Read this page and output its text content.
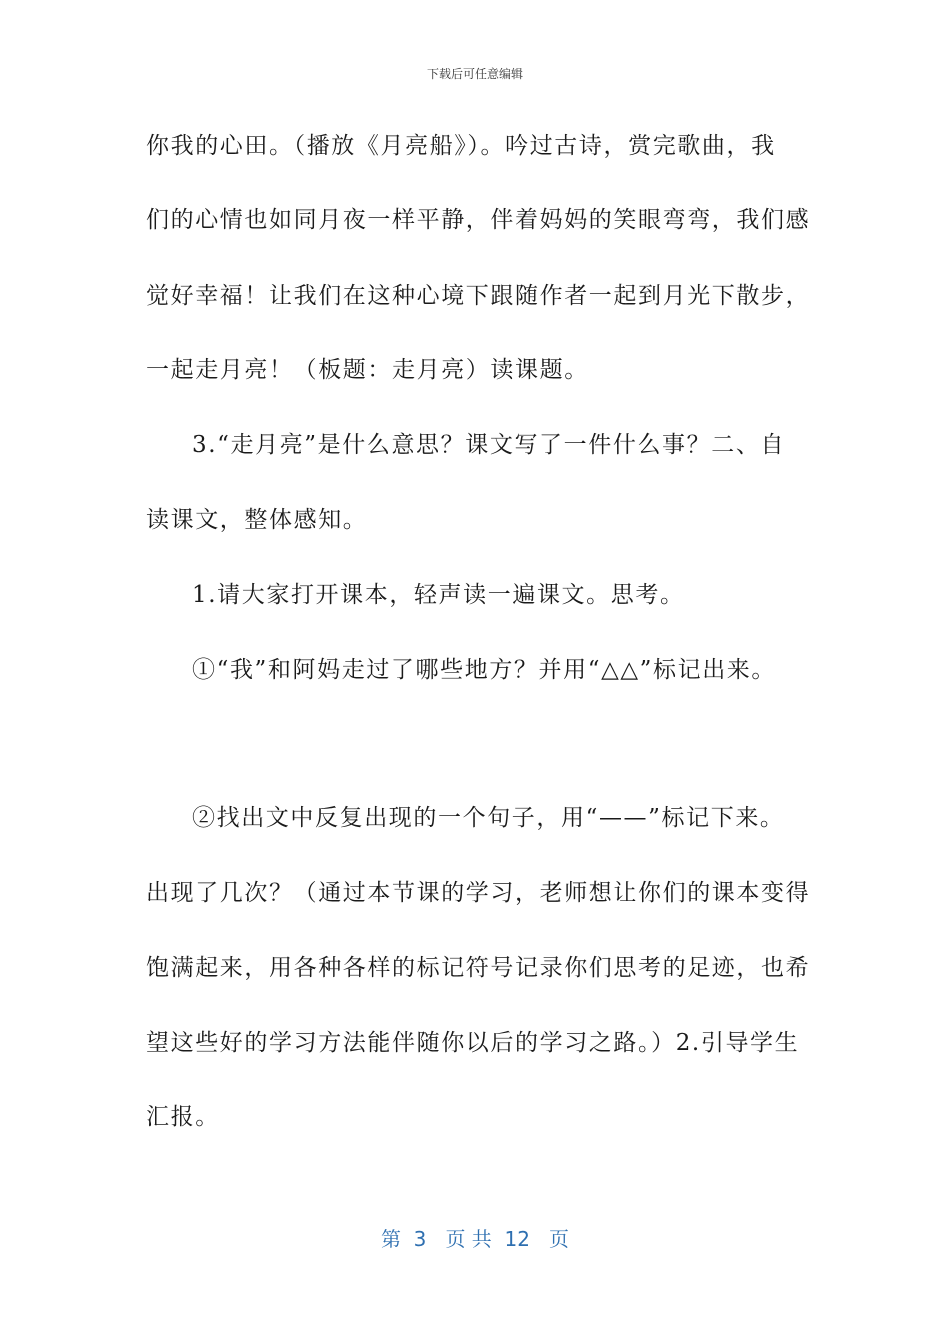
下载后可任意编辑
你我的心田。（播放《月亮船》）。吟过古诗，赏完歌曲，我
们的心情也如同月夜一样平静，伴着妈妈的笑眼弯弯，我们感
觉好幸福！让我们在这种心境下跟随作者一起到月光下散步，
一起走月亮！（板题：走月亮）读课题。
3.“走月亮”是什么意思？课文写了一件什么事？二、自
读课文，整体感知。
1.请大家打开课本，轻声读一遍课文。思考。
①“我”和阿妈走过了哪些地方？并用“△△”标记出来。
②找出文中反复出现的一个句子，用“——”标记下来。
出现了几次？（通过本节课的学习，老师想让你们的课本变得
饱满起来，用各种各样的标记符号记录你们思考的足迹，也希
望这些好的学习方法能伴随你以后的学习之路。）2.引导学生
汇报。
第  3   页 共  12   页
